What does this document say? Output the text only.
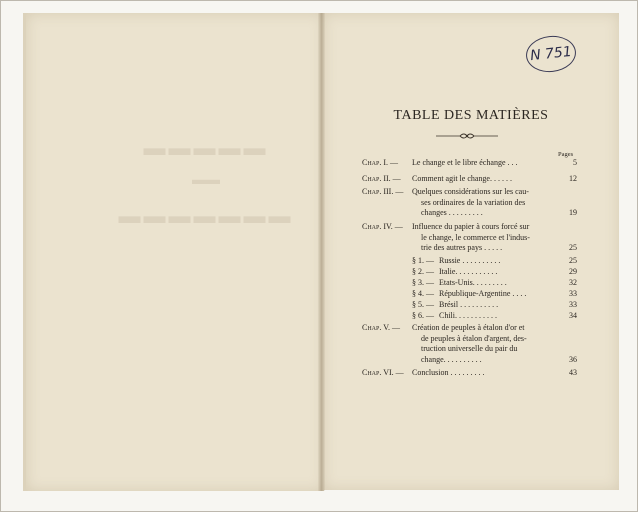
▬▬▬▬▬
▬▬
▬▬▬▬▬▬▬
N 751
TABLE DES MATIÈRES
Pages
Chap. I. — Le change et le libre échange . . .	5
Chap. II. — Comment agit le change. . . . . .	12
Chap. III. — Quelques considérations sur les cau-
ses ordinaires de la variation des
changes . . . . . . . . .	19
Chap. IV. — Influence du papier à cours forcé sur
le change, le commerce et l'indus-
trie des autres pays . . . . .	25
§ 1. — Russie . . . . . . . . . .	25
§ 2. — Italie. . . . . . . . . . .	29
§ 3. — Etats-Unis. . . . . . . . .	32
§ 4. — République-Argentine . . . .	33
§ 5. — Brésil . . . . . . . . . .	33
§ 6. — Chili. . . . . . . . . . .	34
Chap. V. — Création de peuples à étalon d'or et
de peuples à étalon d'argent, des-
truction universelle du pair du
change. . . . . . . . . .	36
Chap. VI. — Conclusion . . . . . . . . .	43
